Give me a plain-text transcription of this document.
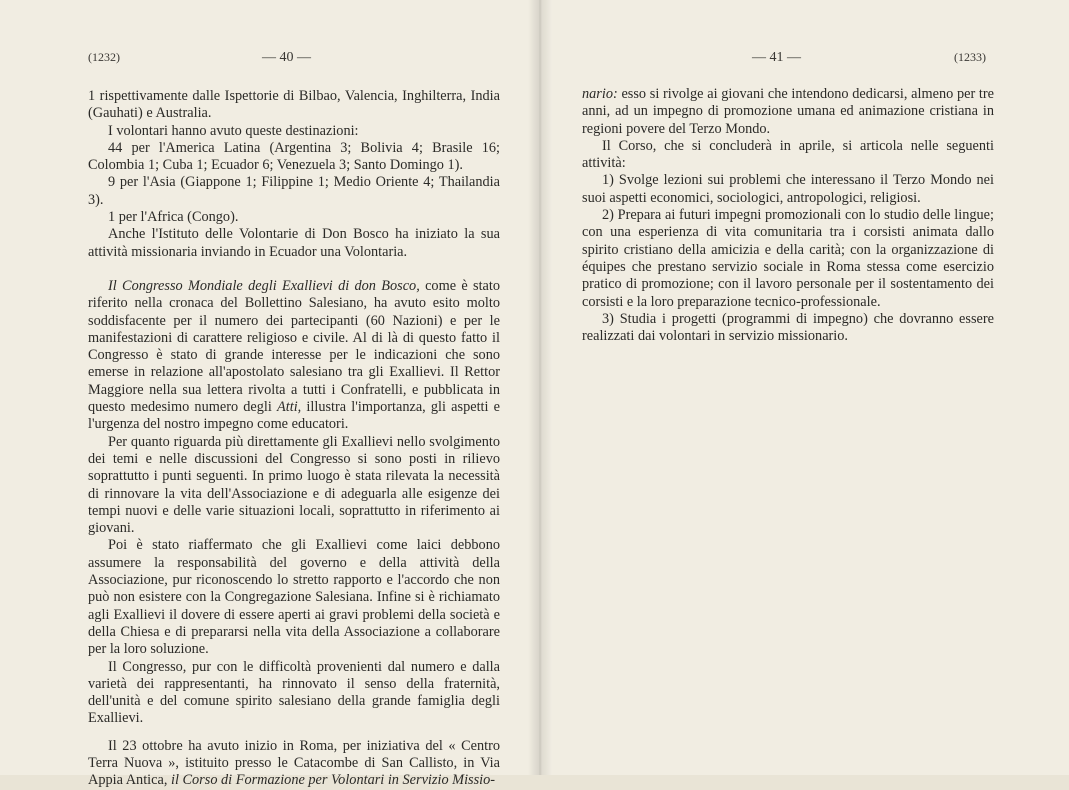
(1232)	— 40 —

1 rispettivamente dalle Ispettorie di Bilbao, Valencia, Inghilterra, India (Gauhati) e Australia.

I volontari hanno avuto queste destinazioni:

44 per l'America Latina (Argentina 3; Bolivia 4; Brasile 16; Colombia 1; Cuba 1; Ecuador 6; Venezuela 3; Santo Domingo 1).

9 per l'Asia (Giappone 1; Filippine 1; Medio Oriente 4; Thailandia 3).

1 per l'Africa (Congo).

Anche l'Istituto delle Volontarie di Don Bosco ha iniziato la sua attività missionaria inviando in Ecuador una Volontaria.

Il Congresso Mondiale degli Exallievi di don Bosco, come è stato riferito nella cronaca del Bollettino Salesiano, ha avuto esito molto soddisfacente per il numero dei partecipanti (60 Nazioni) e per le manifestazioni di carattere religioso e civile. Al di là di questo fatto il Congresso è stato di grande interesse per le indicazioni che sono emerse in relazione all'apostolato salesiano tra gli Exallievi. Il Rettor Maggiore nella sua lettera rivolta a tutti i Confratelli, e pubblicata in questo medesimo numero degli Atti, illustra l'importanza, gli aspetti e l'urgenza del nostro impegno come educatori.

Per quanto riguarda più direttamente gli Exallievi nello svolgimento dei temi e nelle discussioni del Congresso si sono posti in rilievo soprattutto i punti seguenti. In primo luogo è stata rilevata la necessità di rinnovare la vita dell'Associazione e di adeguarla alle esigenze dei tempi nuovi e delle varie situazioni locali, soprattutto in riferimento ai giovani.

Poi è stato riaffermato che gli Exallievi come laici debbono assumere la responsabilità del governo e della attività della Associazione, pur riconoscendo lo stretto rapporto e l'accordo che non può non esistere con la Congregazione Salesiana. Infine si è richiamato agli Exallievi il dovere di essere aperti ai gravi problemi della società e della Chiesa e di prepararsi nella vita della Associazione a collaborare per la loro soluzione.

Il Congresso, pur con le difficoltà provenienti dal numero e dalla varietà dei rappresentanti, ha rinnovato il senso della fraternità, dell'unità e del comune spirito salesiano della grande famiglia degli Exallievi.

Il 23 ottobre ha avuto inizio in Roma, per iniziativa del « Centro Terra Nuova », istituito presso le Catacombe di San Callisto, in Via Appia Antica, il Corso di Formazione per Volontari in Servizio Missio-

— 41 —	(1233)

nario: esso si rivolge ai giovani che intendono dedicarsi, almeno per tre anni, ad un impegno di promozione umana ed animazione cristiana in regioni povere del Terzo Mondo.

Il Corso, che si concluderà in aprile, si articola nelle seguenti attività:

1) Svolge lezioni sui problemi che interessano il Terzo Mondo nei suoi aspetti economici, sociologici, antropologici, religiosi.

2) Prepara ai futuri impegni promozionali con lo studio delle lingue; con una esperienza di vita comunitaria tra i corsisti animata dallo spirito cristiano della amicizia e della carità; con la organizzazione di équipes che prestano servizio sociale in Roma stessa come esercizio pratico di promozione; con il lavoro personale per il sostentamento dei corsisti e la loro preparazione tecnico-professionale.

3) Studia i progetti (programmi di impegno) che dovranno essere realizzati dai volontari in servizio missionario.
